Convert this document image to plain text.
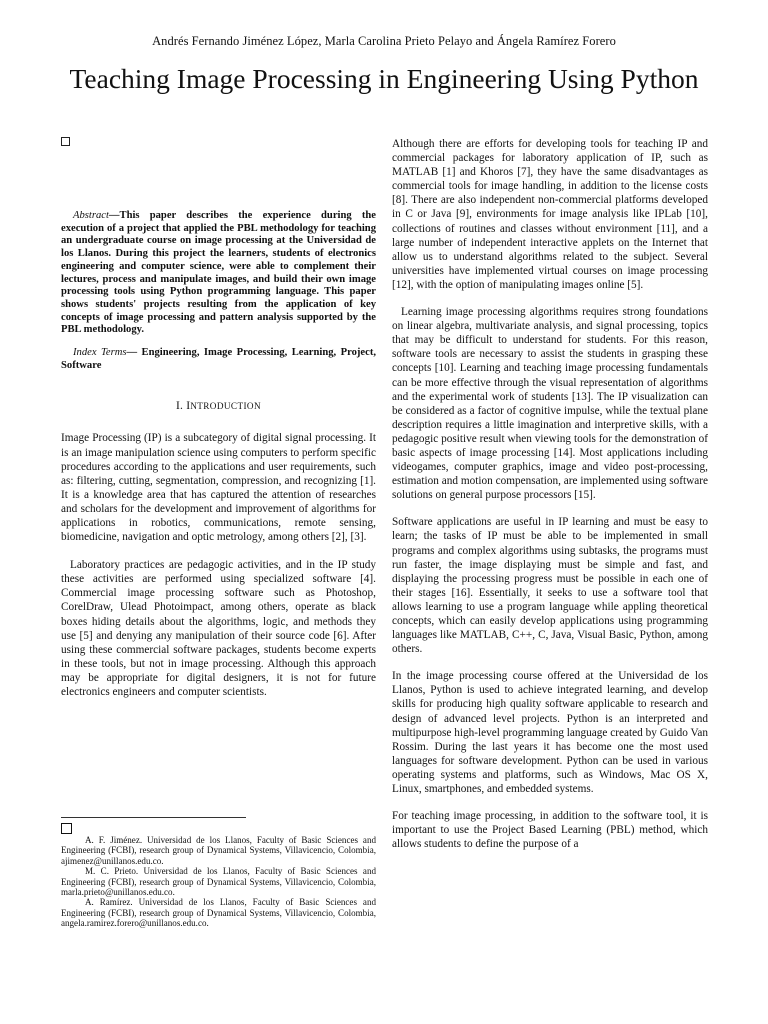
Andrés Fernando Jiménez López, Marla Carolina Prieto Pelayo and Ángela Ramírez Forero
Teaching Image Processing in Engineering Using Python

Abstract—This paper describes the experience during the execution of a project that applied the PBL methodology for teaching an undergraduate course on image processing at the Universidad de los Llanos. During this project the learners, students of electronics engineering and computer science, were able to complement their lectures, process and manipulate images, and build their own image processing tools using Python programming language. This paper shows students' projects resulting from the application of key concepts of image processing and pattern analysis supported by the PBL methodology.

Index Terms— Engineering, Image Processing, Learning, Project, Software

I. INTRODUCTION

Image Processing (IP) is a subcategory of digital signal processing. It is an image manipulation science using computers to perform specific procedures according to the applications and user requirements, such as: filtering, cutting, segmentation, compression, and recognizing [1]. It is a knowledge area that has captured the attention of researches and scholars for the development and improvement of algorithms for applications in robotics, communications, remote sensing, biomedicine, navigation and optic metrology, among others [2], [3].

Laboratory practices are pedagogic activities, and in the IP study these activities are performed using specialized software [4]. Commercial image processing software such as Photoshop, CorelDraw, Ulead Photoimpact, among others, operate as black boxes hiding details about the algorithms, logic, and methods they use [5] and denying any manipulation of their source code [6]. After using these commercial software packages, students become experts in these tools, but not in image processing. Although this approach may be appropriate for digital designers, it is not for future electronics engineers and computer scientists.

A. F. Jiménez. Universidad de los Llanos, Faculty of Basic Sciences and Engineering (FCBI), research group of Dynamical Systems, Villavicencio, Colombia, ajimenez@unillanos.edu.co.

M. C. Prieto. Universidad de los Llanos, Faculty of Basic Sciences and Engineering (FCBI), research group of Dynamical Systems, Villavicencio, Colombia, marla.prieto@unillanos.edu.co.

A. Ramírez. Universidad de los Llanos, Faculty of Basic Sciences and Engineering (FCBI), research group of Dynamical Systems, Villavicencio, Colombia, angela.ramirez.forero@unillanos.edu.co.

Although there are efforts for developing tools for teaching IP and commercial packages for laboratory application of IP, such as MATLAB [1] and Khoros [7], they have the same disadvantages as commercial tools for image handling, in addition to the license costs [8]. There are also independent non-commercial platforms developed in C or Java [9], environments for image analysis like IPLab [10], collections of routines and classes without environment [11], and a large number of independent interactive applets on the Internet that allow us to understand algorithms related to the subject. Several universities have implemented virtual courses on image processing [12], with the option of manipulating images online [5].

Learning image processing algorithms requires strong foundations on linear algebra, multivariate analysis, and signal processing, topics that may be difficult to understand for students. For this reason, software tools are necessary to assist the students in grasping these concepts [10]. Learning and teaching image processing fundamentals can be more effective through the visual representation of algorithms and the experimental work of students [13]. The IP visualization can be considered as a factor of cognitive impulse, while the textual plane description requires a little imagination and interpretive skills, with a pedagogic positive result when viewing tools for the demonstration of basic aspects of image processing [14]. Most applications including videogames, computer graphics, image and video post-processing, estimation and motion compensation, are implemented using software solutions on general purpose processors [15].

Software applications are useful in IP learning and must be easy to learn; the tasks of IP must be able to be implemented in small programs and complex algorithms using subtasks, the programs must run faster, the image displaying must be simple and fast, and displaying the processing progress must be possible in each one of their stages [16]. Essentially, it seeks to use a software tool that allows learning to use a program language while appling theoretical concepts, which can easily develop applications using programming languages like MATLAB, C++, C, Java, Visual Basic, Python, among others.

In the image processing course offered at the Universidad de los Llanos, Python is used to achieve integrated learning, and develop skills for producing high quality software applicable to research and design of advanced level projects. Python is an interpreted and multipurpose high-level programming language created by Guido Van Rossim. During the last years it has become one the most used languages for software development. Python can be used in various operating systems and platforms, such as Windows, Mac OS X, Linux, smartphones, and embedded systems.

For teaching image processing, in addition to the software tool, it is important to use the Project Based Learning (PBL) method, which allows students to define the purpose of a
